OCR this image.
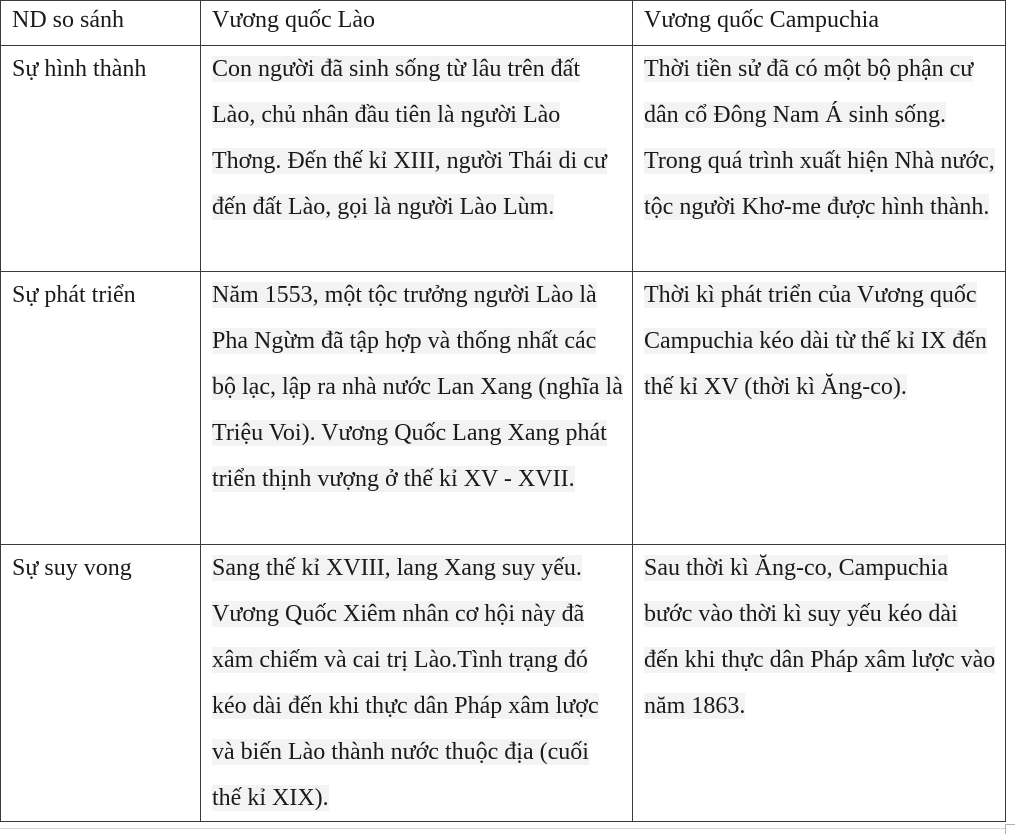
ND so sánh	Vương quốc Lào	Vương quốc Campuchia
Sự hình thành	Con người đã sinh sống từ lâu trên đất Lào, chủ nhân đầu tiên là người Lào Thơng. Đến thế kỉ XIII, người Thái di cư đến đất Lào, gọi là người Lào Lùm.	Thời tiền sử đã có một bộ phận cư dân cổ Đông Nam Á sinh sống. Trong quá trình xuất hiện Nhà nước, tộc người Khơ-me được hình thành.

Sự phát triển	Năm 1553, một tộc trưởng người Lào là Pha Ngừm đã tập hợp và thống nhất các bộ lạc, lập ra nhà nước Lan Xang (nghĩa là Triệu Voi). Vương Quốc Lang Xang phát triển thịnh vượng ở thế kỉ XV - XVII.	Thời kì phát triển của Vương quốc Campuchia kéo dài từ thế kỉ IX đến thế kỉ XV (thời kì Ăng-co).

Sự suy vong	Sang thế kỉ XVIII, lang Xang suy yếu. Vương Quốc Xiêm nhân cơ hội này đã xâm chiếm và cai trị Lào.Tình trạng đó kéo dài đến khi thực dân Pháp xâm lược và biến Lào thành nước thuộc địa (cuối thế kỉ XIX).	Sau thời kì Ăng-co, Campuchia bước vào thời kì suy yếu kéo dài đến khi thực dân Pháp xâm lược vào năm 1863.
